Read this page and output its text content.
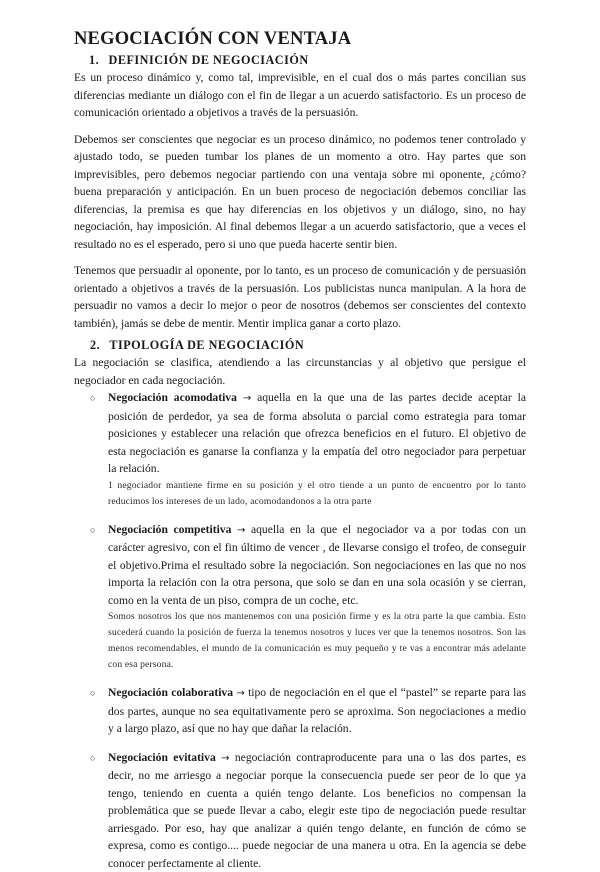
NEGOCIACIÓN CON VENTAJA
1. DEFINICIÓN DE NEGOCIACIÓN

Es un proceso dinámico y, como tal, imprevisible, en el cual dos o más partes concilian sus diferencias mediante un diálogo con el fin de llegar a un acuerdo satisfactorio. Es un proceso de comunicación orientado a objetivos a través de la persuasión.

Debemos ser conscientes que negociar es un proceso dinámico, no podemos tener controlado y ajustado todo, se pueden tumbar los planes de un momento a otro. Hay partes que son imprevisibles, pero debemos negociar partiendo con una ventaja sobre mi oponente, ¿cómo? buena preparación y anticipación. En un buen proceso de negociación debemos conciliar las diferencias, la premisa es que hay diferencias en los objetivos y un diálogo, sino, no hay negociación, hay imposición. Al final debemos llegar a un acuerdo satisfactorio, que a veces el resultado no es el esperado, pero si uno que pueda hacerte sentir bien.

Tenemos que persuadir al oponente, por lo tanto, es un proceso de comunicación y de persuasión orientado a objetivos a través de la persuasión. Los publicistas nunca manipulan. A la hora de persuadir no vamos a decir lo mejor o peor de nosotros (debemos ser conscientes del contexto también), jamás se debe de mentir. Mentir implica ganar a corto plazo.

2. TIPOLOGÍA DE NEGOCIACIÓN

La negociación se clasifica, atendiendo a las circunstancias y al objetivo que persigue el negociador en cada negociación.

○ Negociación acomodativa → aquella en la que una de las partes decide aceptar la posición de perdedor, ya sea de forma absoluta o parcial como estrategia para tomar posiciones y establecer una relación que ofrezca beneficios en el futuro. El objetivo de esta negociación es ganarse la confianza y la empatía del otro negociador para perpetuar la relación.

1 negociador mantiene firme en su posición y el otro tiende a un punto de encuentro por lo tanto reducimos los intereses de un lado, acomodandonos a la otra parte

○ Negociación competitiva → aquella en la que el negociador va a por todas con un carácter agresivo, con el fin último de vencer , de llevarse consigo el trofeo, de conseguir el objetivo.Prima el resultado sobre la negociación. Son negociaciones en las que no nos importa la relación con la otra persona, que solo se dan en una sola ocasión y se cierran, como en la venta de un piso, compra de un coche, etc.

Somos nosotros los que nos mantenemos con una posición firme y es la otra parte la que cambia. Esto sucederá cuando la posición de fuerza la tenemos nosotros y luces ver que la tenemos nosotros. Son las menos recomendables, el mundo de la comunicación es muy pequeño y te vas a encontrar más adelante con esa persona.

○ Negociación colaborativa → tipo de negociación en el que el “pastel” se reparte para las dos partes, aunque no sea equitativamente pero se aproxima. Son negociaciones a medio y a largo plazo, así que no hay que dañar la relación.

○ Negociación evitativa → negociación contraproducente para una o las dos partes, es decir, no me arriesgo a negociar porque la consecuencia puede ser peor de lo que ya tengo, teniendo en cuenta a quién tengo delante. Los beneficios no compensan la problemática que se puede llevar a cabo, elegir este tipo de negociación puede resultar arriesgado. Por eso, hay que analizar a quién tengo delante, en función de cómo se expresa, como es contigo.... puede negociar de una manera u otra. En la agencia se debe conocer perfectamente al cliente.
